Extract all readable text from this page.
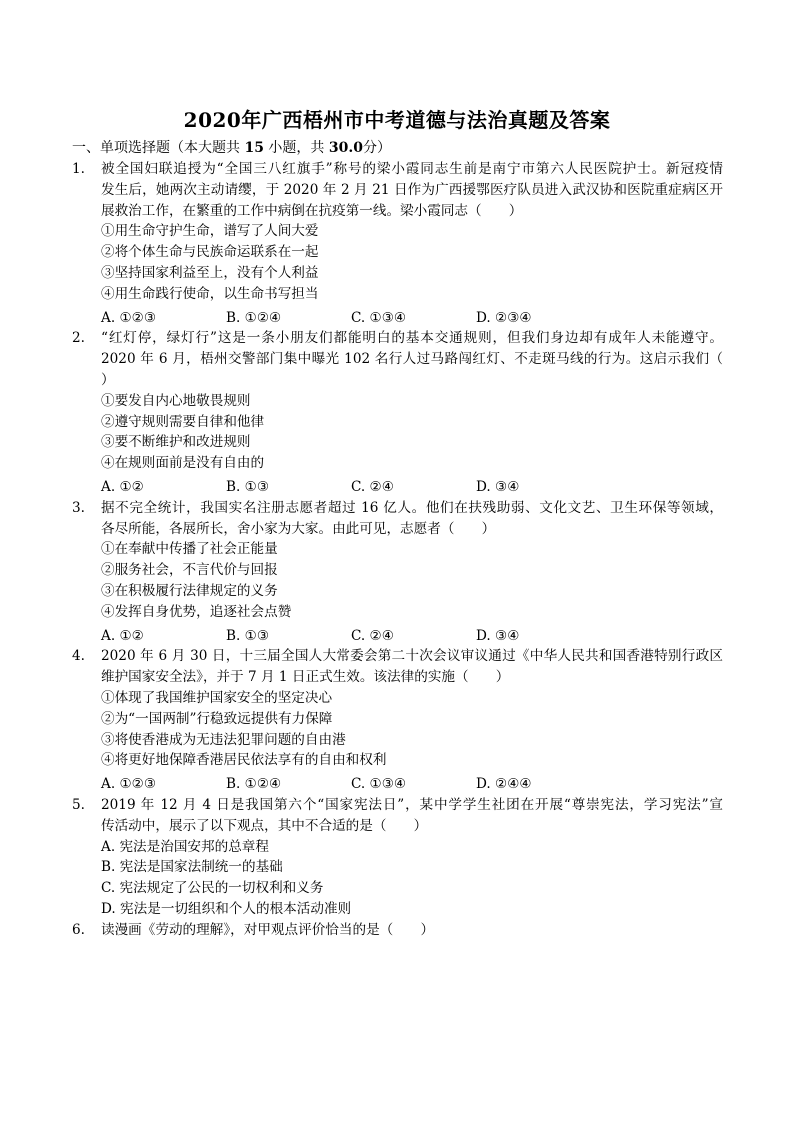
2020年广西梧州市中考道德与法治真题及答案
一、单项选择题（本大题共 15 小题，共 30.0分）
1. 被全国妇联追授为“全国三八红旗手”称号的梁小霞同志生前是南宁市第六人民医院护士。新冠疫情
发生后，她两次主动请缨，于 2020 年 2 月 21 日作为广西援鄂医疗队员进入武汉协和医院重症病区开
展救治工作，在繁重的工作中病倒在抗疫第一线。梁小霞同志（　　）
①用生命守护生命，谱写了人间大爱
②将个体生命与民族命运联系在一起
③坚持国家利益至上，没有个人利益
④用生命践行使命，以生命书写担当
A. ①②③	B. ①②④	C. ①③④	D. ②③④
2. “红灯停，绿灯行”这是一条小朋友们都能明白的基本交通规则，但我们身边却有成年人未能遵守。
2020 年 6 月，梧州交警部门集中曝光 102 名行人过马路闯红灯、不走斑马线的行为。这启示我们（
）
①要发自内心地敬畏规则
②遵守规则需要自律和他律
③要不断维护和改进规则
④在规则面前是没有自由的
A. ①②	B. ①③	C. ②④	D. ③④
3. 据不完全统计，我国实名注册志愿者超过 16 亿人。他们在扶残助弱、文化文艺、卫生环保等领域，
各尽所能，各展所长，舍小家为大家。由此可见，志愿者（　　）
①在奉献中传播了社会正能量
②服务社会，不言代价与回报
③在积极履行法律规定的义务
④发挥自身优势，追逐社会点赞
A. ①②	B. ①③	C. ②④	D. ③④
4. 2020 年 6 月 30 日，十三届全国人大常委会第二十次会议审议通过《中华人民共和国香港特别行政区
维护国家安全法》，并于 7 月 1 日正式生效。该法律的实施（　　）
①体现了我国维护国家安全的坚定决心
②为“一国两制”行稳致远提供有力保障
③将使香港成为无违法犯罪问题的自由港
④将更好地保障香港居民依法享有的自由和权利
A. ①②③	B. ①②④	C. ①③④	D. ②④④
5. 2019 年 12 月 4 日是我国第六个“国家宪法日”，某中学学生社团在开展“尊崇宪法，学习宪法”宣
传活动中，展示了以下观点，其中不合适的是（　　）
A. 宪法是治国安邦的总章程
B. 宪法是国家法制统一的基础
C. 宪法规定了公民的一切权利和义务
D. 宪法是一切组织和个人的根本活动准则
6. 读漫画《劳动的理解》，对甲观点评价恰当的是（　　）
